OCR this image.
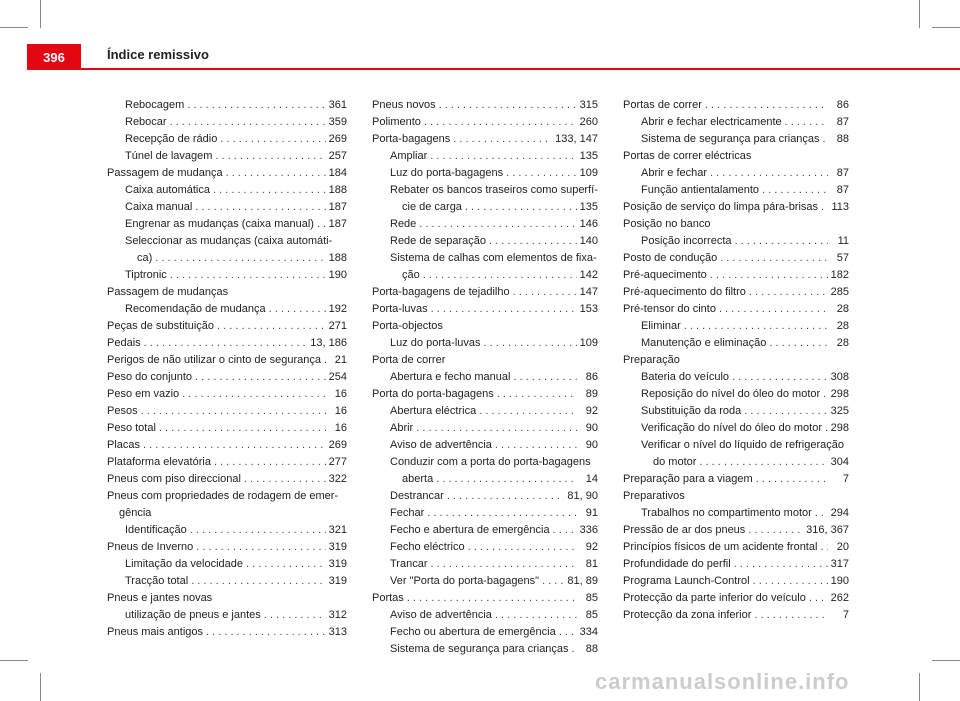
396	Índice remissivo
Rebocagem . . .	361
Rebocar . . .	359
Recepção de rádio . . .	269
Túnel de lavagem . . .	257
Passagem de mudança . . .	184
Caixa automática . . .	188
Caixa manual . . .	187
Engrenar as mudanças (caixa manual) . . . 187
Seleccionar as mudanças (caixa automáti-
ca) . . .	188
Tiptronic . . .	190
Passagem de mudanças
Recomendação de mudança . . .	192
Peças de substituição . . .	271
Pedais . . .	13, 186
Perigos de não utilizar o cinto de segurança . . .	21
Peso do conjunto . . .	254
Peso em vazio . . .	16
Pesos . . .	16
Peso total . . .	16
Placas . . .	269
Plataforma elevatória . . .	277
Pneus com piso direccional . . .	322
Pneus com propriedades de rodagem de emer-
gência
Identificação . . .	321
Pneus de Inverno . . .	319
Limitação da velocidade . . .	319
Tracção total . . .	319
Pneus e jantes novas
utilização de pneus e jantes . . .	312
Pneus mais antigos . . .	313
Pneus novos . . .	315
Polimento . . .	260
Porta-bagagens . . .	133, 147
Ampliar . . .	135
Luz do porta-bagagens . . .	109
Rebater os bancos traseiros como superfí-
cie de carga . . .	135
Rede . . .	146
Rede de separação . . .	140
Sistema de calhas com elementos de fixa-
ção . . .	142
Porta-bagagens de tejadilho . . .	147
Porta-luvas . . .	153
Porta-objectos
Luz do porta-luvas . . .	109
Porta de correr
Abertura e fecho manual . . .	86
Porta do porta-bagagens . . .	89
Abertura eléctrica . . .	92
Abrir . . .	90
Aviso de advertência . . .	90
Conduzir com a porta do porta-bagagens
aberta . . .	14
Destrancar . . .	81, 90
Fechar . . .	91
Fecho e abertura de emergência . . .	336
Fecho eléctrico . . .	92
Trancar . . .	81
Ver "Porta do porta-bagagens" . . .	81, 89
Portas . . .	85
Aviso de advertência . . .	85
Fecho ou abertura de emergência . . . 334
Sistema de segurança para crianças . . .	88
Portas de correr . . .	86
Abrir e fechar electricamente . . .	87
Sistema de segurança para crianças . . .	88
Portas de correr eléctricas
Abrir e fechar . . .	87
Função antientalamento . . .	87
Posição de serviço do limpa pára-brisas . . . 113
Posição no banco
Posição incorrecta . . .	11
Posto de condução . . .	57
Pré-aquecimento . . .	182
Pré-aquecimento do filtro . . .	285
Pré-tensor do cinto . . .	28
Eliminar . . .	28
Manutenção e eliminação . . .	28
Preparação
Bateria do veículo . . .	308
Reposição do nível do óleo do motor . . . 298
Substituição da roda . . .	325
Verificação do nível do óleo do motor . . . 298
Verificar o nível do líquido de refrigeração
do motor . . .	304
Preparação para a viagem . . .	7
Preparativos
Trabalhos no compartimento motor . . . 294
Pressão de ar dos pneus . . .	316, 367
Princípios físicos de um acidente frontal . . .	20
Profundidade do perfil . . .	317
Programa Launch-Control . . .	190
Protecção da parte inferior do veículo . . . 262
Protecção da zona inferior . . .	7
carmanualsonline.info
